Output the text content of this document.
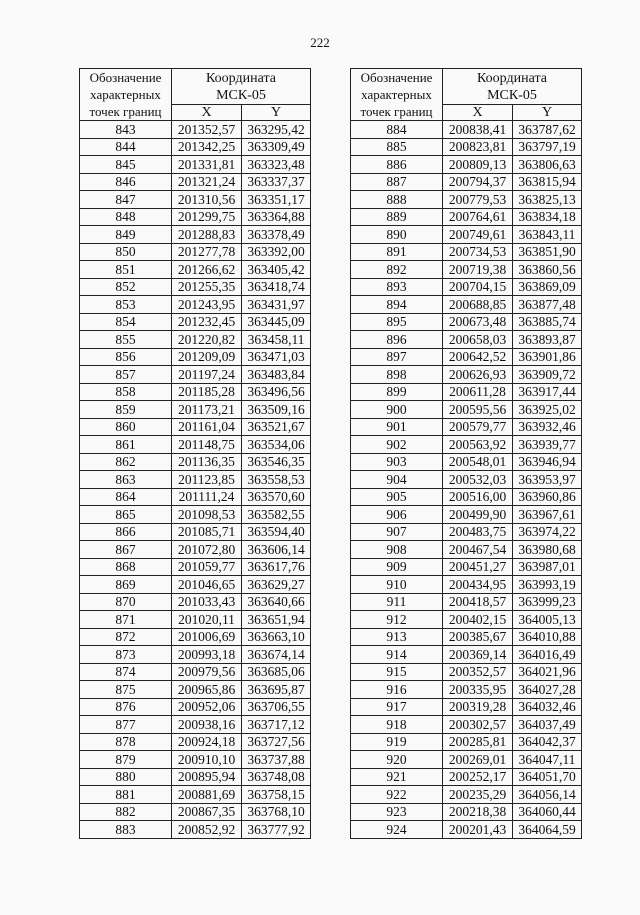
222
Обозначение
характерных
точек границ	Координата
МСК-05	
	X	Y
843	201352,57	363295,42
844	201342,25	363309,49
845	201331,81	363323,48
846	201321,24	363337,37
847	201310,56	363351,17
848	201299,75	363364,88
849	201288,83	363378,49
850	201277,78	363392,00
851	201266,62	363405,42
852	201255,35	363418,74
853	201243,95	363431,97
854	201232,45	363445,09
855	201220,82	363458,11
856	201209,09	363471,03
857	201197,24	363483,84
858	201185,28	363496,56
859	201173,21	363509,16
860	201161,04	363521,67
861	201148,75	363534,06
862	201136,35	363546,35
863	201123,85	363558,53
864	201111,24	363570,60
865	201098,53	363582,55
866	201085,71	363594,40
867	201072,80	363606,14
868	201059,77	363617,76
869	201046,65	363629,27
870	201033,43	363640,66
871	201020,11	363651,94
872	201006,69	363663,10
873	200993,18	363674,14
874	200979,56	363685,06
875	200965,86	363695,87
876	200952,06	363706,55
877	200938,16	363717,12
878	200924,18	363727,56
879	200910,10	363737,88
880	200895,94	363748,08
881	200881,69	363758,15
882	200867,35	363768,10
883	200852,92	363777,92
Обозначение
характерных
точек границ	Координата
МСК-05	
	X	Y
884	200838,41	363787,62
885	200823,81	363797,19
886	200809,13	363806,63
887	200794,37	363815,94
888	200779,53	363825,13
889	200764,61	363834,18
890	200749,61	363843,11
891	200734,53	363851,90
892	200719,38	363860,56
893	200704,15	363869,09
894	200688,85	363877,48
895	200673,48	363885,74
896	200658,03	363893,87
897	200642,52	363901,86
898	200626,93	363909,72
899	200611,28	363917,44
900	200595,56	363925,02
901	200579,77	363932,46
902	200563,92	363939,77
903	200548,01	363946,94
904	200532,03	363953,97
905	200516,00	363960,86
906	200499,90	363967,61
907	200483,75	363974,22
908	200467,54	363980,68
909	200451,27	363987,01
910	200434,95	363993,19
911	200418,57	363999,23
912	200402,15	364005,13
913	200385,67	364010,88
914	200369,14	364016,49
915	200352,57	364021,96
916	200335,95	364027,28
917	200319,28	364032,46
918	200302,57	364037,49
919	200285,81	364042,37
920	200269,01	364047,11
921	200252,17	364051,70
922	200235,29	364056,14
923	200218,38	364060,44
924	200201,43	364064,59
